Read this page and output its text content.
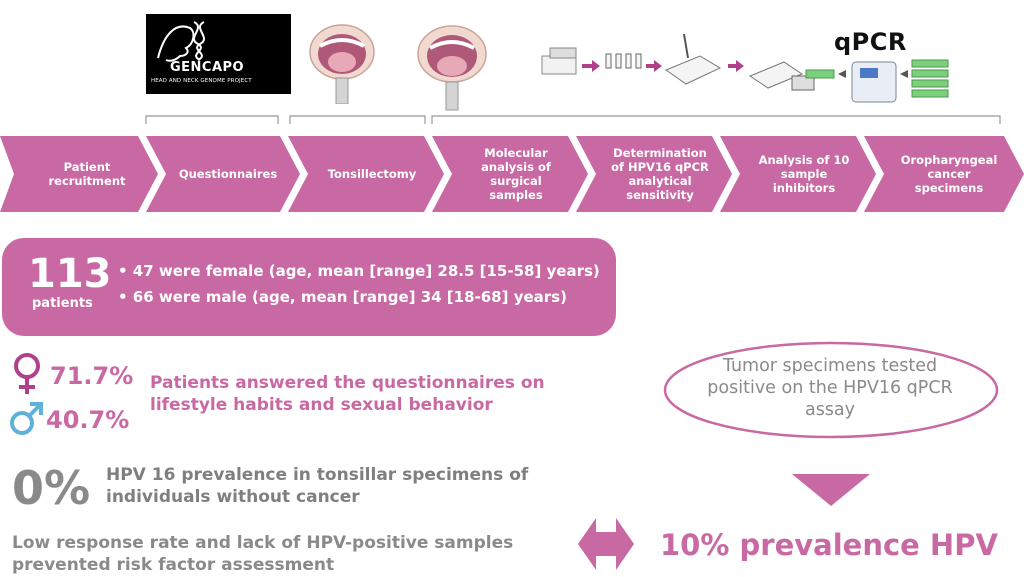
GENCAPO
HEAD AND NECK GENOME PROJECT
qPCR
Patient
recruitment	Questionnaires	Tonsillectomy
Molecular
analysis of
surgical
samples
Determination
of HPV16 qPCR
analytical
sensitivity
Analysis of 10
sample
inhibitors
Oropharyngeal
cancer
specimens
113
patients
• 47 were female (age, mean [range] 28.5 [15-58] years)
• 66 were male (age, mean [range] 34 [18-68] years)
71.7%
40.7%
Patients answered the questionnaires on lifestyle habits and sexual behavior
0% HPV 16 prevalence in tonsillar specimens of individuals without cancer
Low response rate and lack of HPV-positive samples prevented risk factor assessment
Tumor specimens tested positive on the HPV16 qPCR assay
10% prevalence HPV
